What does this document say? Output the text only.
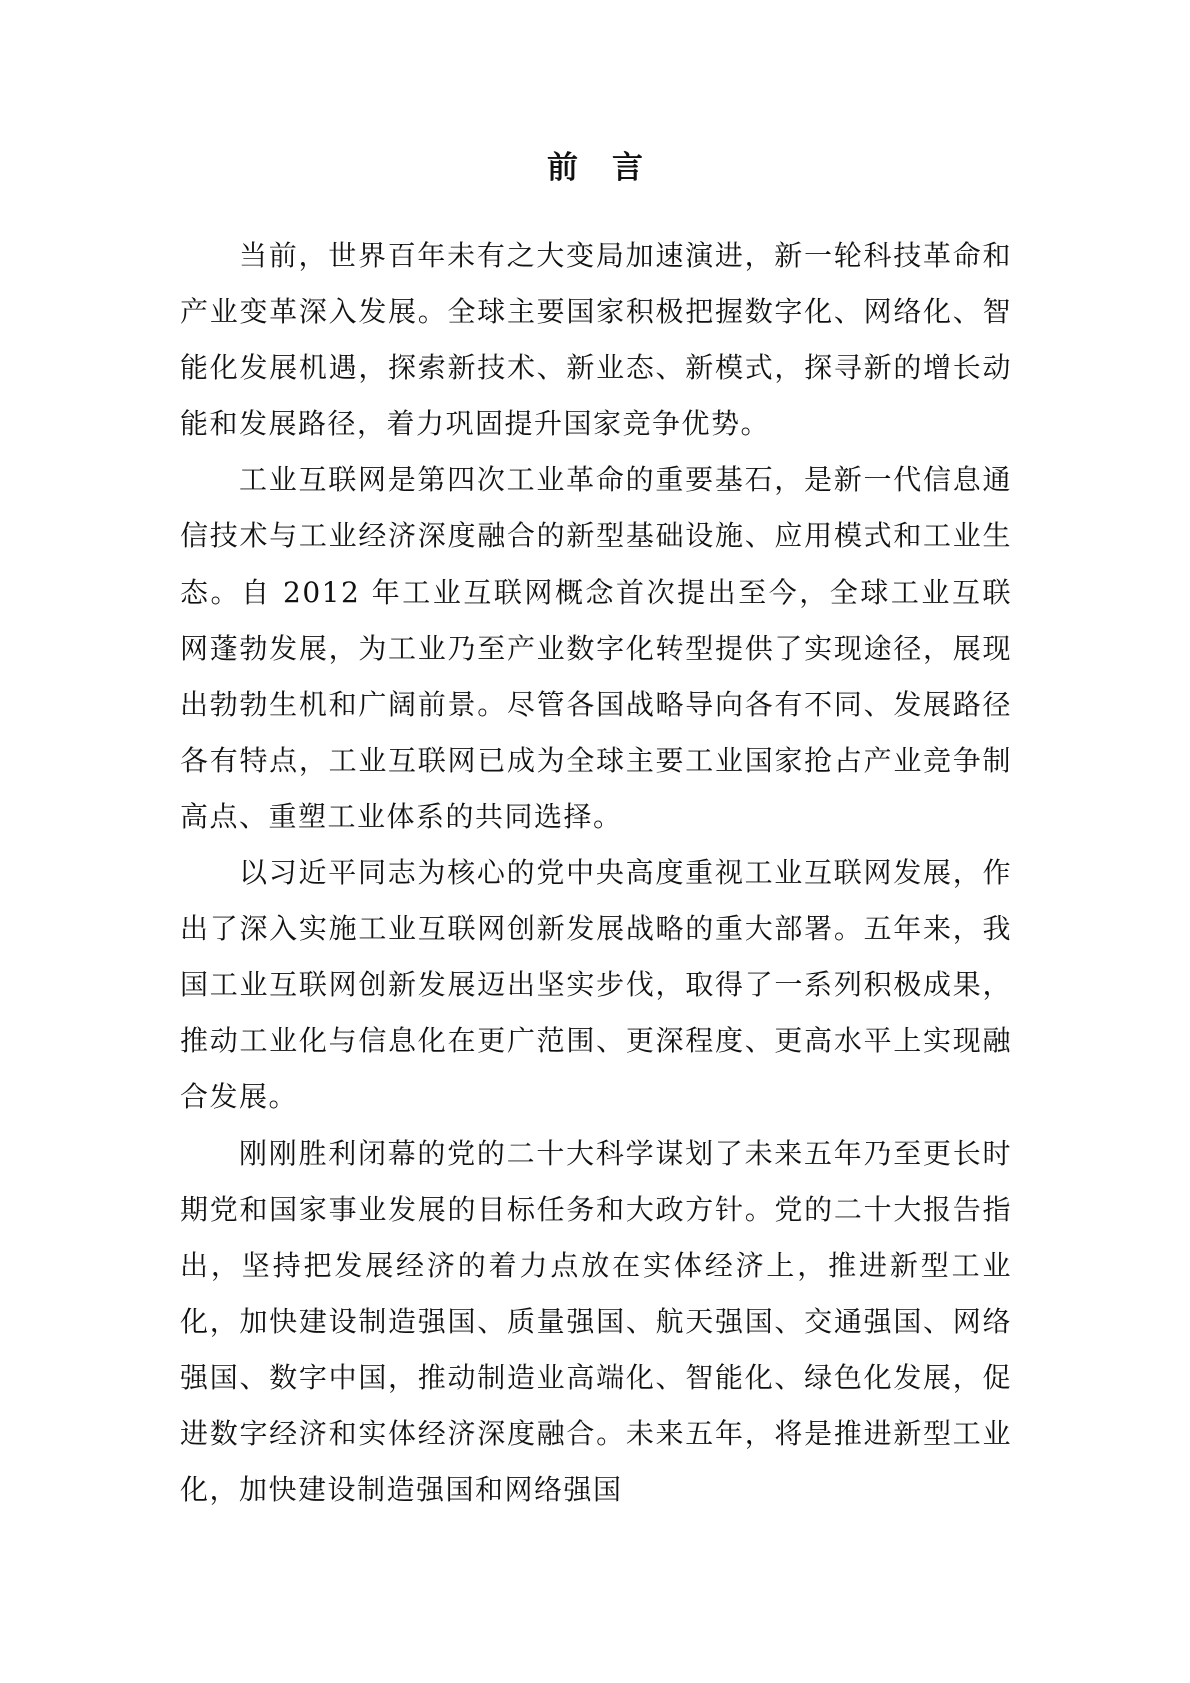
前言

当前，世界百年未有之大变局加速演进，新一轮科技革命和产业变革深入发展。全球主要国家积极把握数字化、网络化、智能化发展机遇，探索新技术、新业态、新模式，探寻新的增长动能和发展路径，着力巩固提升国家竞争优势。

工业互联网是第四次工业革命的重要基石，是新一代信息通信技术与工业经济深度融合的新型基础设施、应用模式和工业生态。自 2012 年工业互联网概念首次提出至今，全球工业互联网蓬勃发展，为工业乃至产业数字化转型提供了实现途径，展现出勃勃生机和广阔前景。尽管各国战略导向各有不同、发展路径各有特点，工业互联网已成为全球主要工业国家抢占产业竞争制高点、重塑工业体系的共同选择。

以习近平同志为核心的党中央高度重视工业互联网发展，作出了深入实施工业互联网创新发展战略的重大部署。五年来，我国工业互联网创新发展迈出坚实步伐，取得了一系列积极成果，推动工业化与信息化在更广范围、更深程度、更高水平上实现融合发展。

刚刚胜利闭幕的党的二十大科学谋划了未来五年乃至更长时期党和国家事业发展的目标任务和大政方针。党的二十大报告指出，坚持把发展经济的着力点放在实体经济上，推进新型工业化，加快建设制造强国、质量强国、航天强国、交通强国、网络强国、数字中国，推动制造业高端化、智能化、绿色化发展，促进数字经济和实体经济深度融合。未来五年，将是推进新型工业化，加快建设制造强国和网络强国
